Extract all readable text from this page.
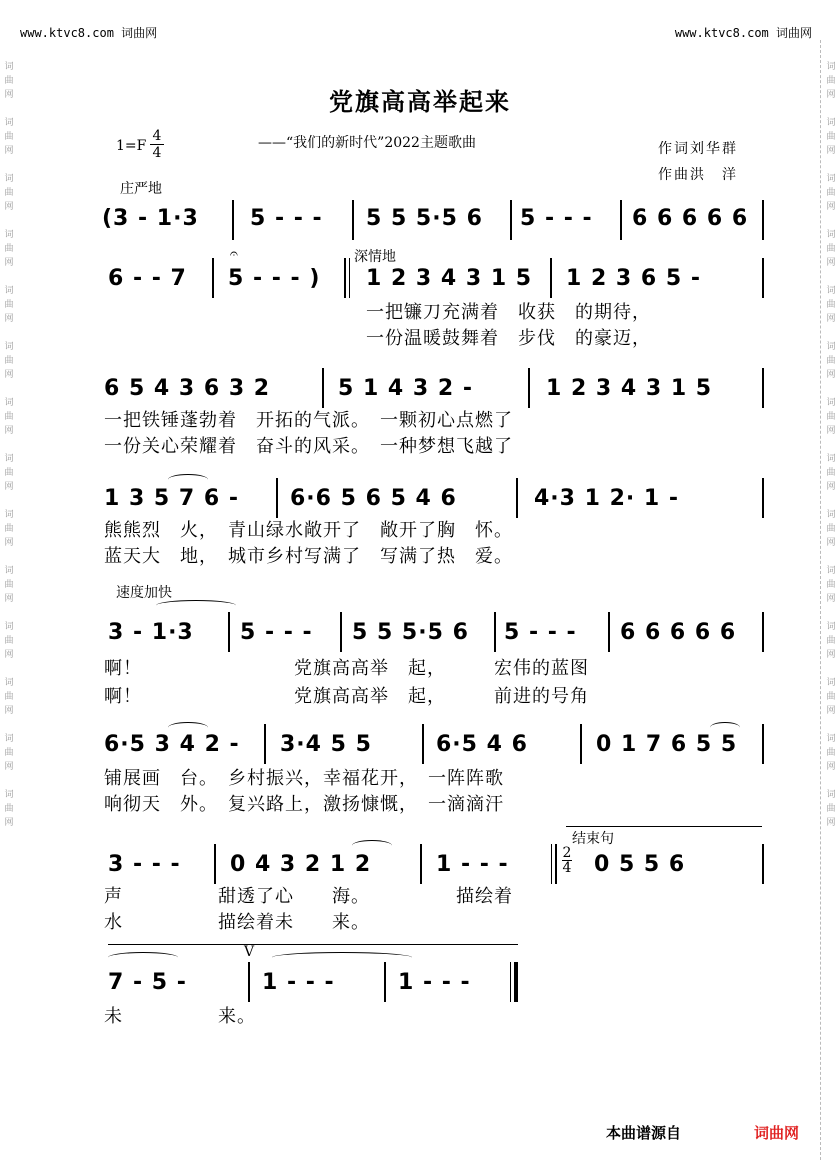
www.ktvc8.com 词曲网	www.ktvc8.com 词曲网
词
曲
网

词
曲
网

词
曲
网

词
曲
网

词
曲
网

词
曲
网

词
曲
网

词
曲
网

词
曲
网

词
曲
网

词
曲
网

词
曲
网

词
曲
网

词
曲
网

词
曲
网

词
曲
网

词
曲
网

词
曲
网

词
曲
网

词
曲
网

词
曲
网

词
曲
网

词
曲
网

词
曲
网

词
曲
网

词
曲
网

词
曲
网

词
曲
网

党旗高高举起来
1=F
4
4
——“我们的新时代”2022主题歌曲	作词刘华群
作曲洪　洋
庄严地
(3 - 1·3 5 - - - 5 5 5·5 6 5 - - - 6 6 6 6 6
深情地
6 - - 7
𝄐
5 - - - ) 1 2 3 4 3 1 5 1 2 3 6 5 -
一把镰刀充满着　收获　的期待，
一份温暖鼓舞着　步伐　的豪迈，
6 5 4 3 6 3 2	5 1 4 3 2 -	1 2 3 4 3 1 5
一把铁锤蓬勃着　开拓的气派。　一颗初心点燃了
一份关心荣耀着　奋斗的风采。　一种梦想飞越了
1 3 5 7 6 - 6·6 5 6 5 4 6	4·3 1 2· 1 -
熊熊烈　火，　青山绿水敞开了　敞开了胸　怀。
蓝天大　地，　城市乡村写满了　写满了热　爱。
速度加快
3 - 1·3 5 - - - 5 5 5·5 6 5 - - - 6 6 6 6 6
啊！　　　　　　　　党旗高高举　起，　　　宏伟的蓝图
啊！　　　　　　　　党旗高高举　起，　　　前进的号角
6·5 3 4 2 - 3·4 5 5	6·5 4 6	0 1 7 6 5 5
铺展画　台。　乡村振兴，幸福花开，　一阵阵歌
响彻天　外。　复兴路上，激扬慷慨，　一滴滴汗
结束句
3 - - - 0 4 3 2 1 2	1 - - -	2
4 0 5 5 6
声　　　　　甜透了心　　海。　　　　　描绘着
水　　　　　描绘着未　　来。
V
7 - 5 -	1 - - -	1 - - -
未　　　　　来。
本曲谱源自	词曲网
